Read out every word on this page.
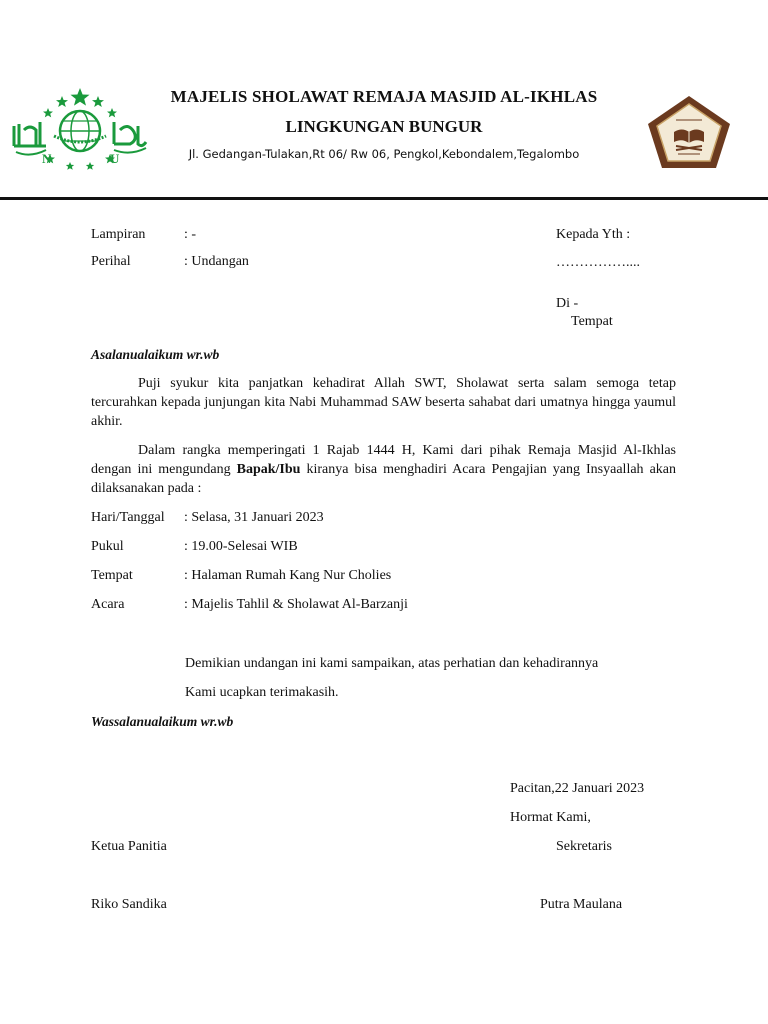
N	U
MAJELIS SHOLAWAT REMAJA MASJID AL-IKHLAS
LINGKUNGAN BUNGUR
Jl. Gedangan-Tulakan,Rt 06/ Rw 06, Pengkol,Kebondalem,Tegalombo
Lampiran	: -
Perihal	: Undangan
Kepada Yth :
……………....
Di -
Tempat
Asalanualaikum wr.wb
Puji syukur kita panjatkan kehadirat Allah SWT, Sholawat serta salam semoga tetap tercurahkan kepada junjungan kita Nabi Muhammad SAW beserta sahabat dari umatnya hingga yaumul akhir.
Dalam rangka memperingati 1 Rajab 1444 H, Kami dari pihak Remaja Masjid Al-Ikhlas dengan ini mengundang Bapak/Ibu kiranya bisa menghadiri Acara Pengajian yang Insyaallah akan dilaksanakan pada :
Hari/Tanggal : Selasa, 31 Januari 2023
Pukul	: 19.00-Selesai WIB
Tempat	: Halaman Rumah Kang Nur Cholies
Acara	: Majelis Tahlil & Sholawat Al-Barzanji
Demikian undangan ini kami sampaikan, atas perhatian dan kehadirannya
Kami ucapkan terimakasih.
Wassalanualaikum wr.wb
Pacitan,22 Januari 2023
Hormat Kami,
Ketua Panitia	Sekretaris
Riko Sandika	Putra Maulana
